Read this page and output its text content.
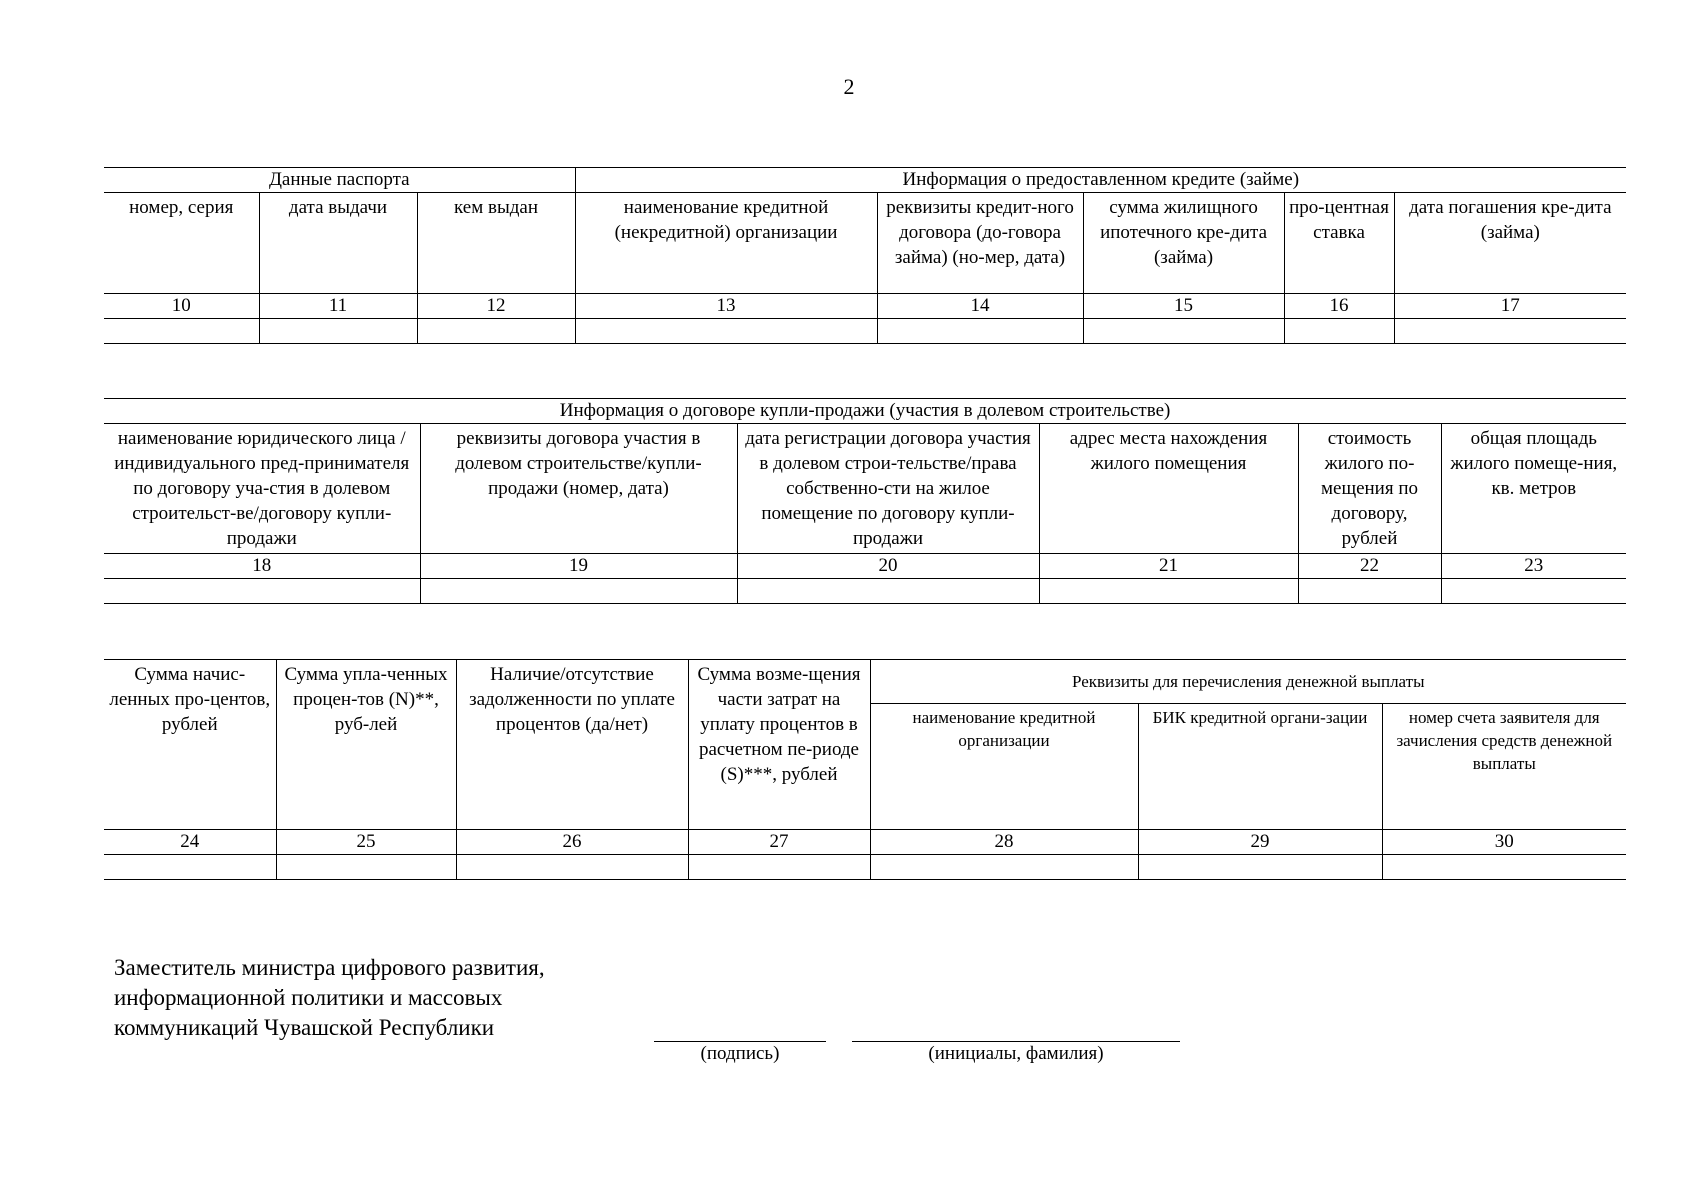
2
Данные паспорта			Информация о предоставленном кредите (займе)				
номер, серия	дата выдачи	кем выдан	наименование кредитной (некредитной) организации	реквизиты кредит-ного договора (до-говора займа) (но-мер, дата)	сумма жилищного ипотечного кре-дита (займа)	про-центная ставка	дата погашения кре-дита (займа)
10	11	12	13	14	15	16	17

Информация о договоре купли-продажи (участия в долевом строительстве)					
наименование юридического лица /индивидуального пред-принимателя по договору уча-стия в долевом строительст-ве/договору купли-продажи	реквизиты договора участия в долевом строительстве/купли-продажи (номер, дата)	дата регистрации договора участия в долевом строи-тельстве/права собственно-сти на жилое помещение по договору купли-продажи	адрес места нахождения жилого помещения	стоимость жилого по-мещения по договору, рублей	общая площадь жилого помеще-ния, кв. метров
18	19	20	21	22	23

Сумма начис-ленных про-центов, рублей	Сумма упла-ченных процен-тов (N)**, руб-лей	Наличие/отсутствие задолженности по уплате процентов (да/нет)	Сумма возме-щения части затрат на уплату процентов в расчетном пе-риоде (S)***, рублей	Реквизиты для перечисления денежной выплаты		
				наименование кредитной организации	БИК кредитной органи-зации	номер счета заявителя для зачисления средств денежной выплаты
24	25	26	27	28	29	30

Заместитель министра цифрового развития,
информационной политики и массовых
коммуникаций Чувашской Республики
(подпись)	(инициалы, фамилия)
